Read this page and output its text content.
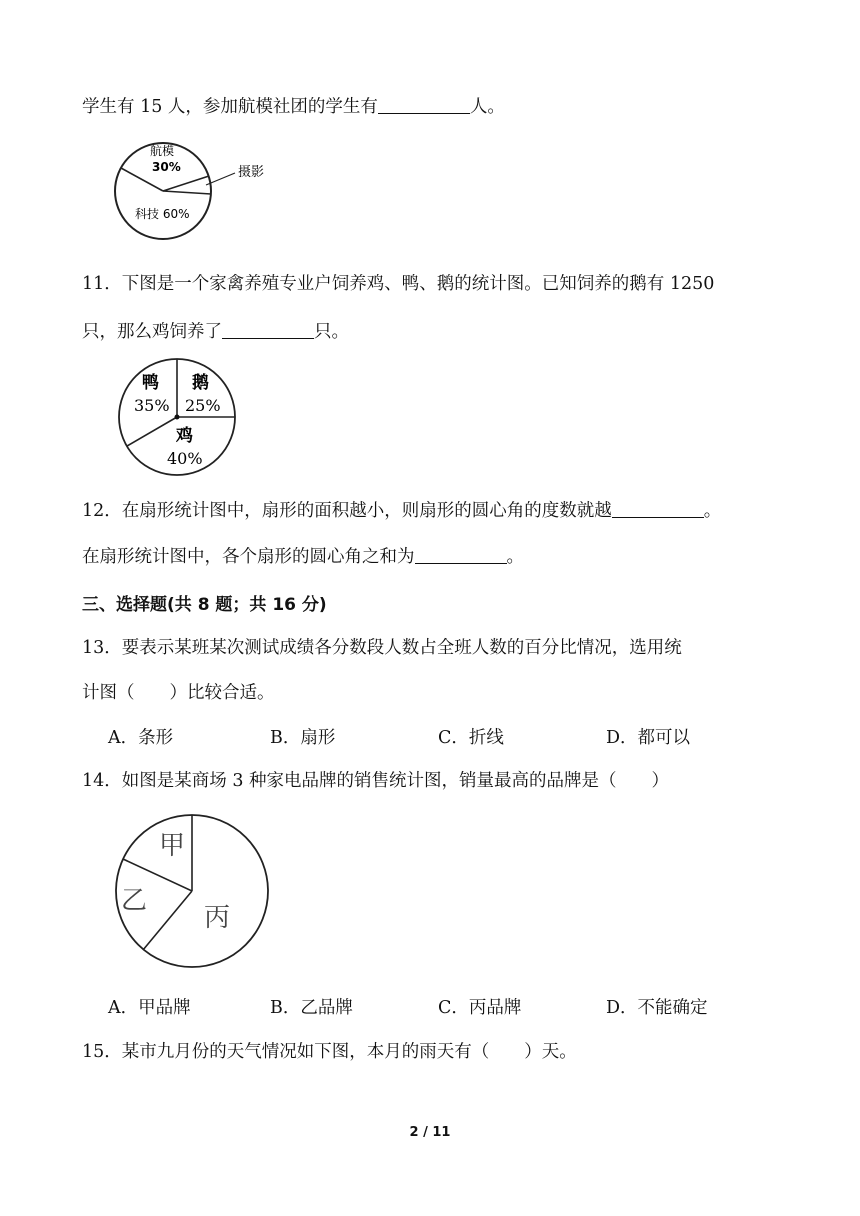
学生有 15 人，参加航模社团的学生有	人。
航模
30%	摄影
科技 60%
11．下图是一个家禽养殖专业户饲养鸡、鸭、鹅的统计图。已知饲养的鹅有 1250
只，那么鸡饲养了	只。
鸭
35%
鹅
25%
鸡
40%
12．在扇形统计图中，扇形的面积越小，则扇形的圆心角的度数就越	。
在扇形统计图中，各个扇形的圆心角之和为	。
三、选择题(共 8 题；共 16 分)
13．要表示某班某次测试成绩各分数段人数占全班人数的百分比情况，选用统
计图（　　）比较合适。
A．条形	B．扇形	C．折线	D．都可以
14．如图是某商场 3 种家电品牌的销售统计图，销量最高的品牌是（　　）
甲
乙
丙
A．甲品牌	B．乙品牌	C．丙品牌	D．不能确定
15．某市九月份的天气情况如下图，本月的雨天有（　　）天。
2 / 11
